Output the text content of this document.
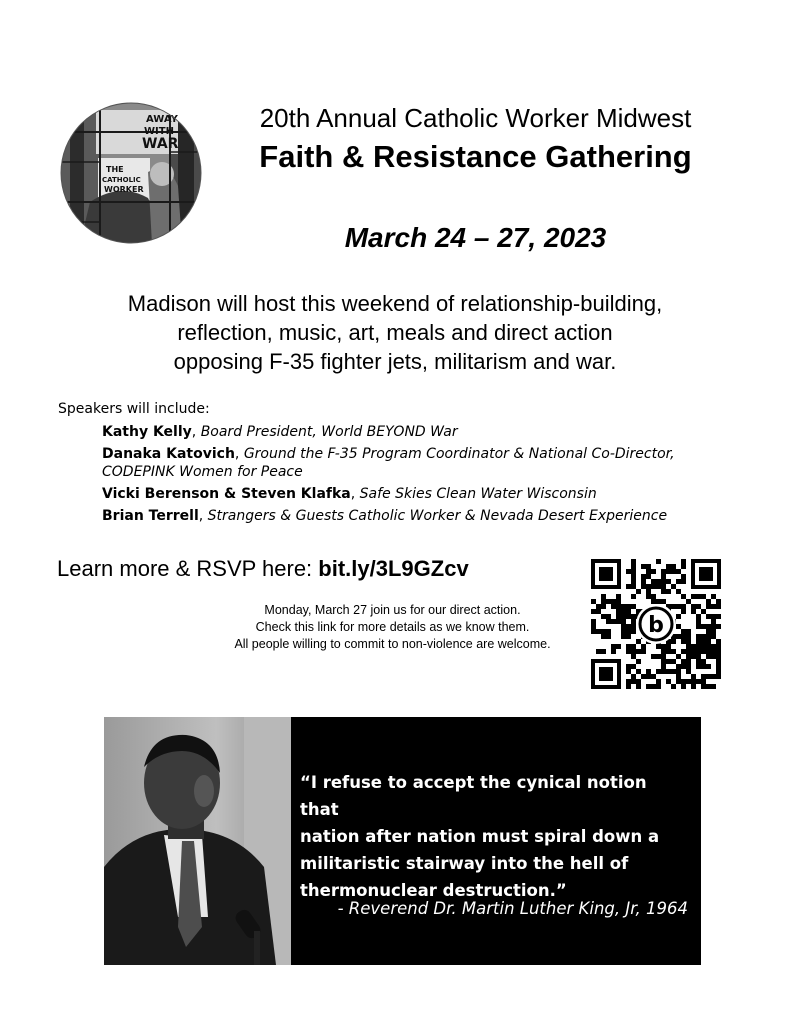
AWAY
WITH
WAR
THE
CATHOLIC
WORKER
20th Annual Catholic Worker Midwest
Faith & Resistance Gathering
March 24 – 27, 2023
Madison will host this weekend of relationship-building,
reflection, music, art, meals and direct action
opposing F-35 fighter jets, militarism and war.
Speakers will include:
Kathy Kelly, Board President, World BEYOND War
Danaka Katovich, Ground the F-35 Program Coordinator & National Co-Director, CODEPINK Women for Peace
Vicki Berenson & Steven Klafka, Safe Skies Clean Water Wisconsin
Brian Terrell, Strangers & Guests Catholic Worker & Nevada Desert Experience
Learn more & RSVP here: bit.ly/3L9GZcv
Monday, March 27 join us for our direct action.
Check this link for more details as we know them.
All people willing to commit to non-violence are welcome.
b
“I refuse to accept the cynical notion that
nation after nation must spiral down a
militaristic stairway into the hell of
thermonuclear destruction.”
- Reverend Dr. Martin Luther King, Jr, 1964
